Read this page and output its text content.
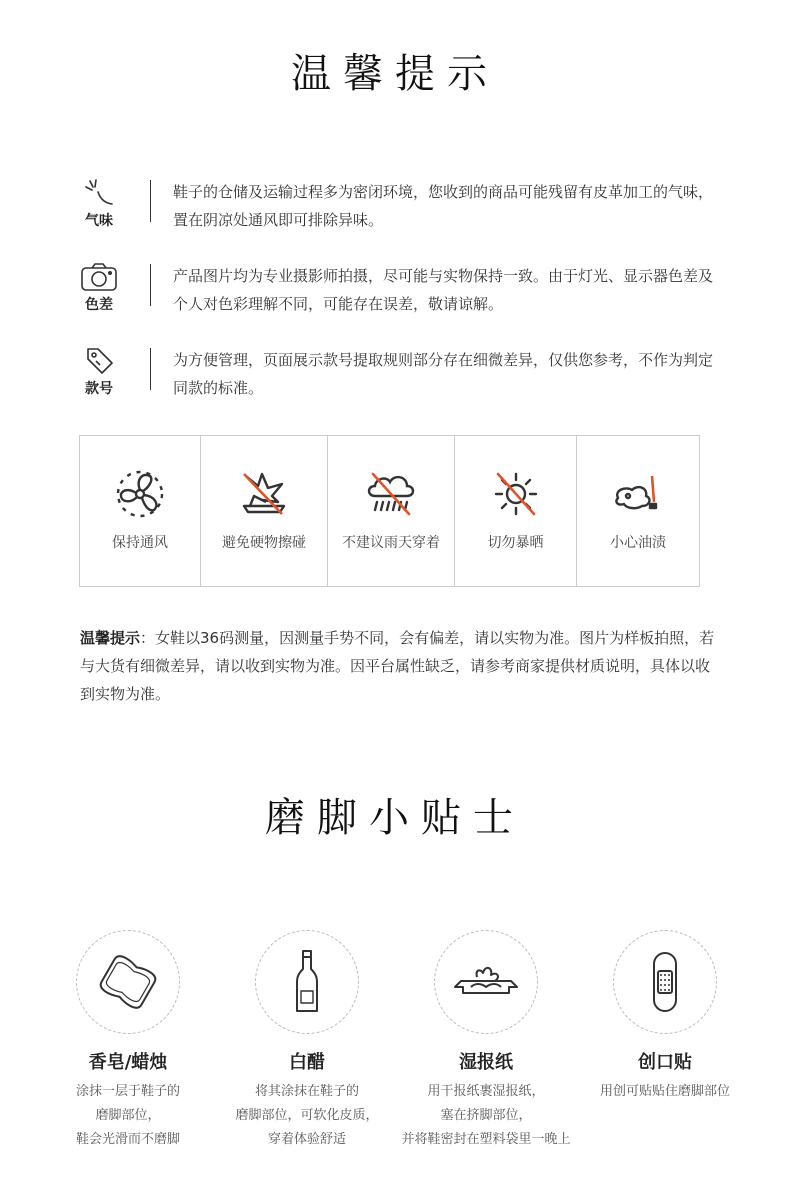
温馨提示
气味
鞋子的仓储及运输过程多为密闭环境，您收到的商品可能残留有皮革加工的气味，置在阴凉处通风即可排除异味。
色差
产品图片均为专业摄影师拍摄，尽可能与实物保持一致。由于灯光、显示器色差及个人对色彩理解不同，可能存在误差，敬请谅解。
款号
为方便管理，页面展示款号提取规则部分存在细微差异，仅供您参考，不作为判定同款的标准。
保持通风	避免硬物擦碰	不建议雨天穿着	切勿暴晒	小心油渍
温馨提示：女鞋以36码测量，因测量手势不同，会有偏差，请以实物为准。图片为样板拍照，若与大货有细微差异，请以收到实物为准。因平台属性缺乏，请参考商家提供材质说明，具体以收到实物为准。
磨脚小贴士
香皂/蜡烛
涂抹一层于鞋子的
磨脚部位，
鞋会光滑而不磨脚
白醋
将其涂抹在鞋子的
磨脚部位，可软化皮质，
穿着体验舒适
湿报纸
用干报纸裹湿报纸，
塞在挤脚部位，
并将鞋密封在塑料袋里一晚上
创口贴
用创可贴贴住磨脚部位
